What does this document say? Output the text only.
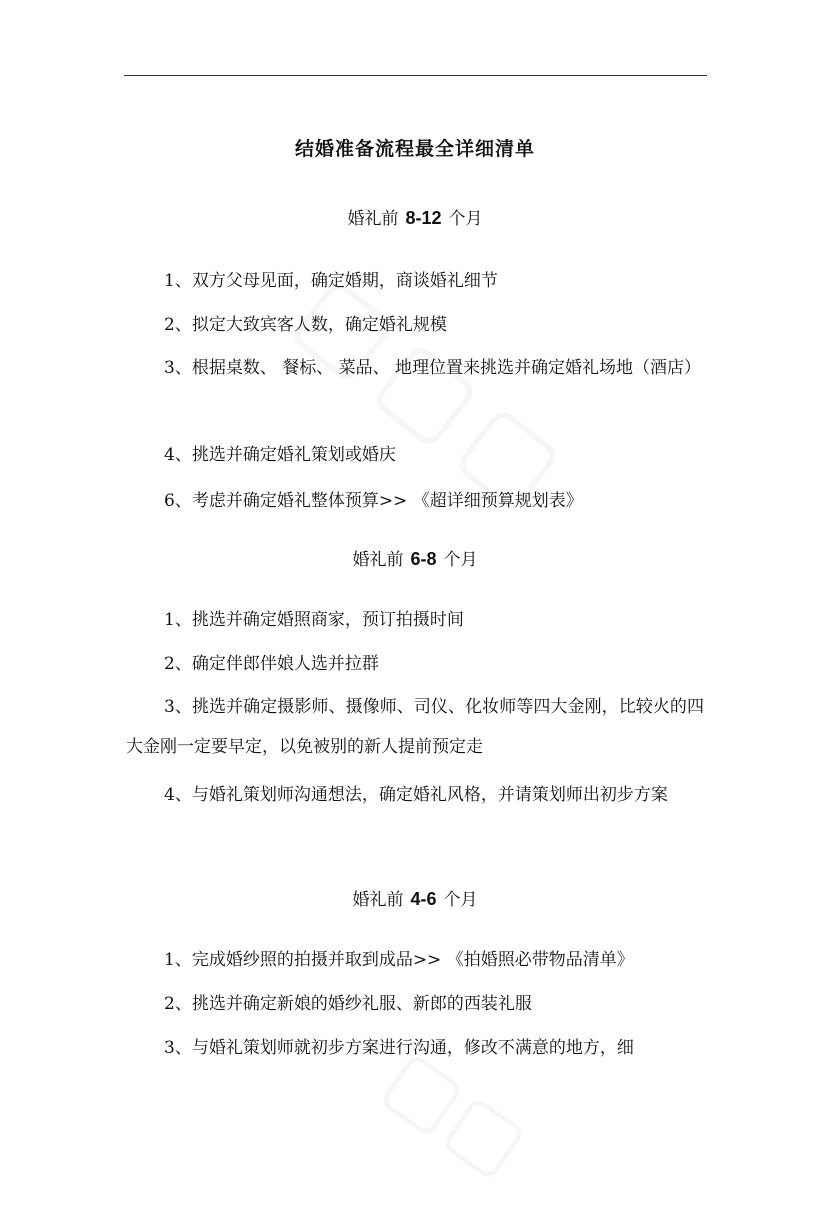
结婚准备流程最全详细清单
婚礼前 8-12 个月
1、双方父母见面，确定婚期，商谈婚礼细节
2、拟定大致宾客人数，确定婚礼规模
3、根据桌数、 餐标、 菜品、 地理位置来挑选并确定婚礼场地（酒店）
4、挑选并确定婚礼策划或婚庆
6、考虑并确定婚礼整体预算>> 《超详细预算规划表》
婚礼前 6-8 个月
1、挑选并确定婚照商家，预订拍摄时间
2、确定伴郎伴娘人选并拉群
3、挑选并确定摄影师、摄像师、司仪、化妆师等四大金刚，比较火的四大金刚一定要早定，以免被别的新人提前预定走
4、与婚礼策划师沟通想法，确定婚礼风格，并请策划师出初步方案
婚礼前 4-6 个月
1、完成婚纱照的拍摄并取到成品>> 《拍婚照必带物品清单》
2、挑选并确定新娘的婚纱礼服、新郎的西装礼服
3、与婚礼策划师就初步方案进行沟通，修改不满意的地方，细
